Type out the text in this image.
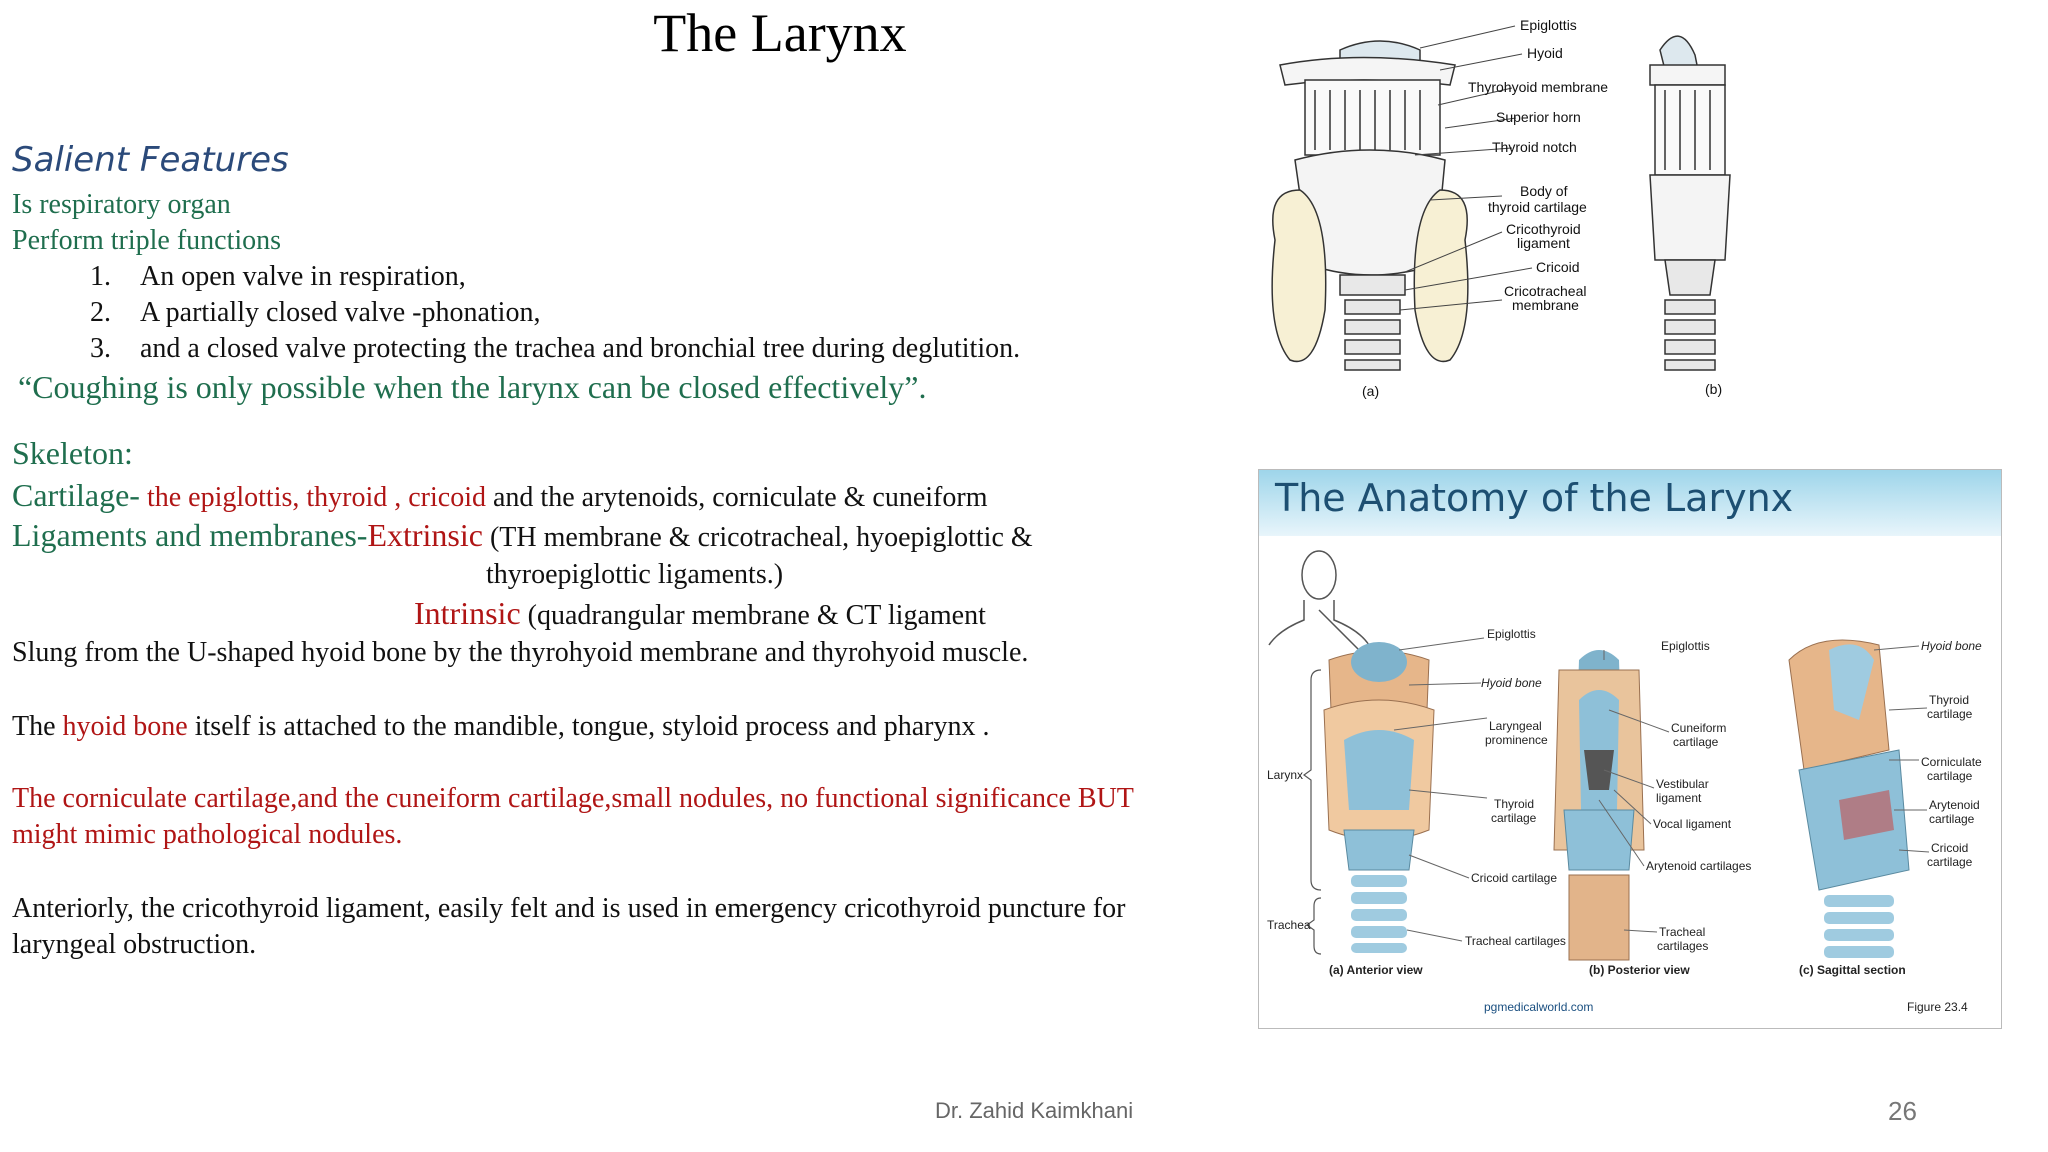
The Larynx
Salient Features
Is respiratory organ
Perform triple functions
1. An open valve in respiration,
2. A partially closed valve -phonation,
3. and a closed valve protecting the trachea and bronchial tree during deglutition.
“Coughing is only possible when the larynx can be closed effectively”.
Skeleton:
Cartilage- the epiglottis, thyroid , cricoid and the arytenoids, corniculate & cuneiform
Ligaments and membranes-Extrinsic (TH membrane & cricotracheal, hyoepiglottic &
thyroepiglottic ligaments.)
Intrinsic (quadrangular membrane & CT ligament
Slung from the U-shaped hyoid bone by the thyrohyoid membrane and thyrohyoid muscle.
The hyoid bone itself is attached to the mandible, tongue, styloid process and pharynx .
The corniculate cartilage,and the cuneiform cartilage,small nodules, no functional significance BUT
might mimic pathological nodules.
Anteriorly, the cricothyroid ligament, easily felt and is used in emergency cricothyroid puncture for
laryngeal obstruction.
Dr. Zahid Kaimkhani	26
Epiglottis
Hyoid
Thyrohyoid membrane
Superior horn
Thyroid notch
Body of
thyroid cartilage
Cricothyroid
ligament
Cricoid
Cricotracheal
membrane
(a)	(b)
The Anatomy of the Larynx
Epiglottis
Hyoid bone
Laryngeal
prominence
Thyroid
cartilage
Cricoid cartilage
Tracheal cartilages
Larynx
Trachea
Epiglottis
Cuneiform
cartilage
Vestibular
ligament
Vocal ligament
Arytenoid cartilages
Tracheal
cartilages
Hyoid bone
Thyroid
cartilage
Corniculate
cartilage
Arytenoid
cartilage
Cricoid
cartilage
(a) Anterior view	(b) Posterior view	(c) Sagittal section
pgmedicalworld.com	Figure 23.4
